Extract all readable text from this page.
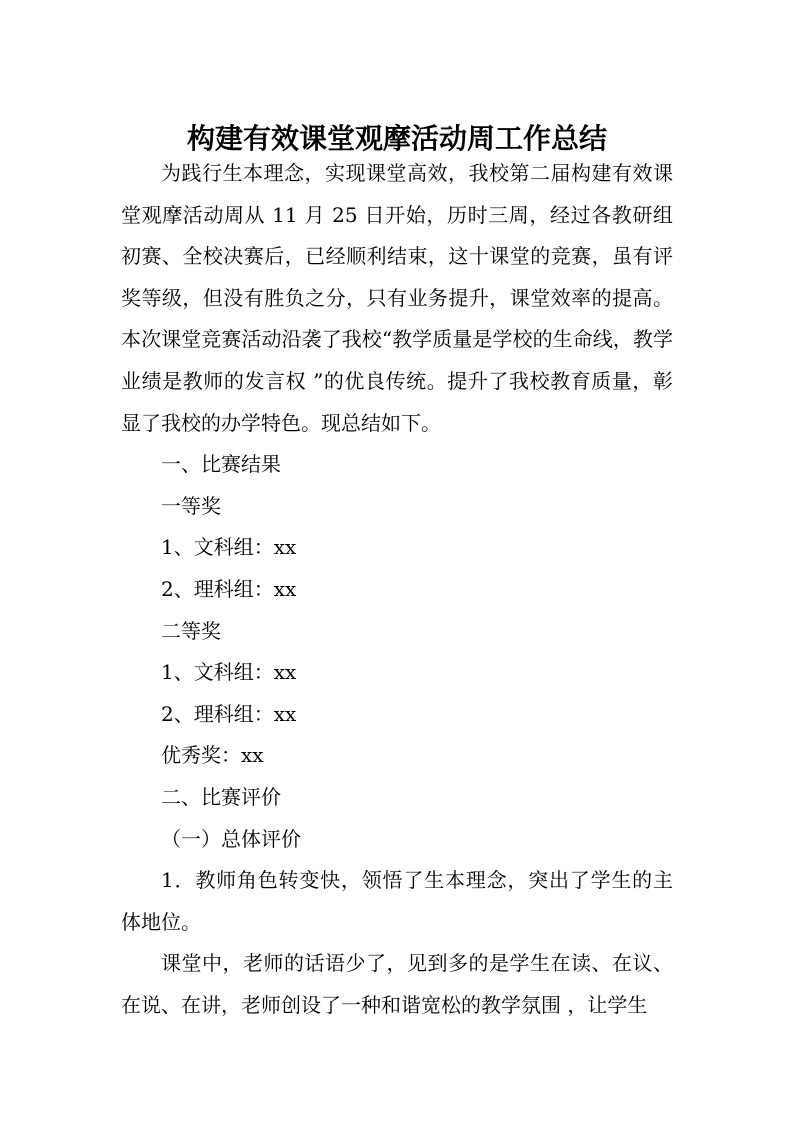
构建有效课堂观摩活动周工作总结

为践行生本理念，实现课堂高效，我校第二届构建有效课堂观摩活动周从 11 月 25 日开始，历时三周，经过各教研组初赛、全校决赛后，已经顺利结束，这十课堂的竞赛，虽有评奖等级，但没有胜负之分，只有业务提升，课堂效率的提高。本次课堂竞赛活动沿袭了我校“教学质量是学校的生命线，教学业绩是教师的发言权 ”的优良传统。提升了我校教育质量，彰显了我校的办学特色。现总结如下。

一、比赛结果

一等奖

1、文科组：xx

2、理科组：xx

二等奖

1、文科组：xx

2、理科组：xx

优秀奖：xx

二、比赛评价

（一）总体评价

1．教师角色转变快，领悟了生本理念，突出了学生的主体地位。

课堂中，老师的话语少了，见到多的是学生在读、在议、在说、在讲，老师创设了一种和谐宽松的教学氛围 ，让学生
